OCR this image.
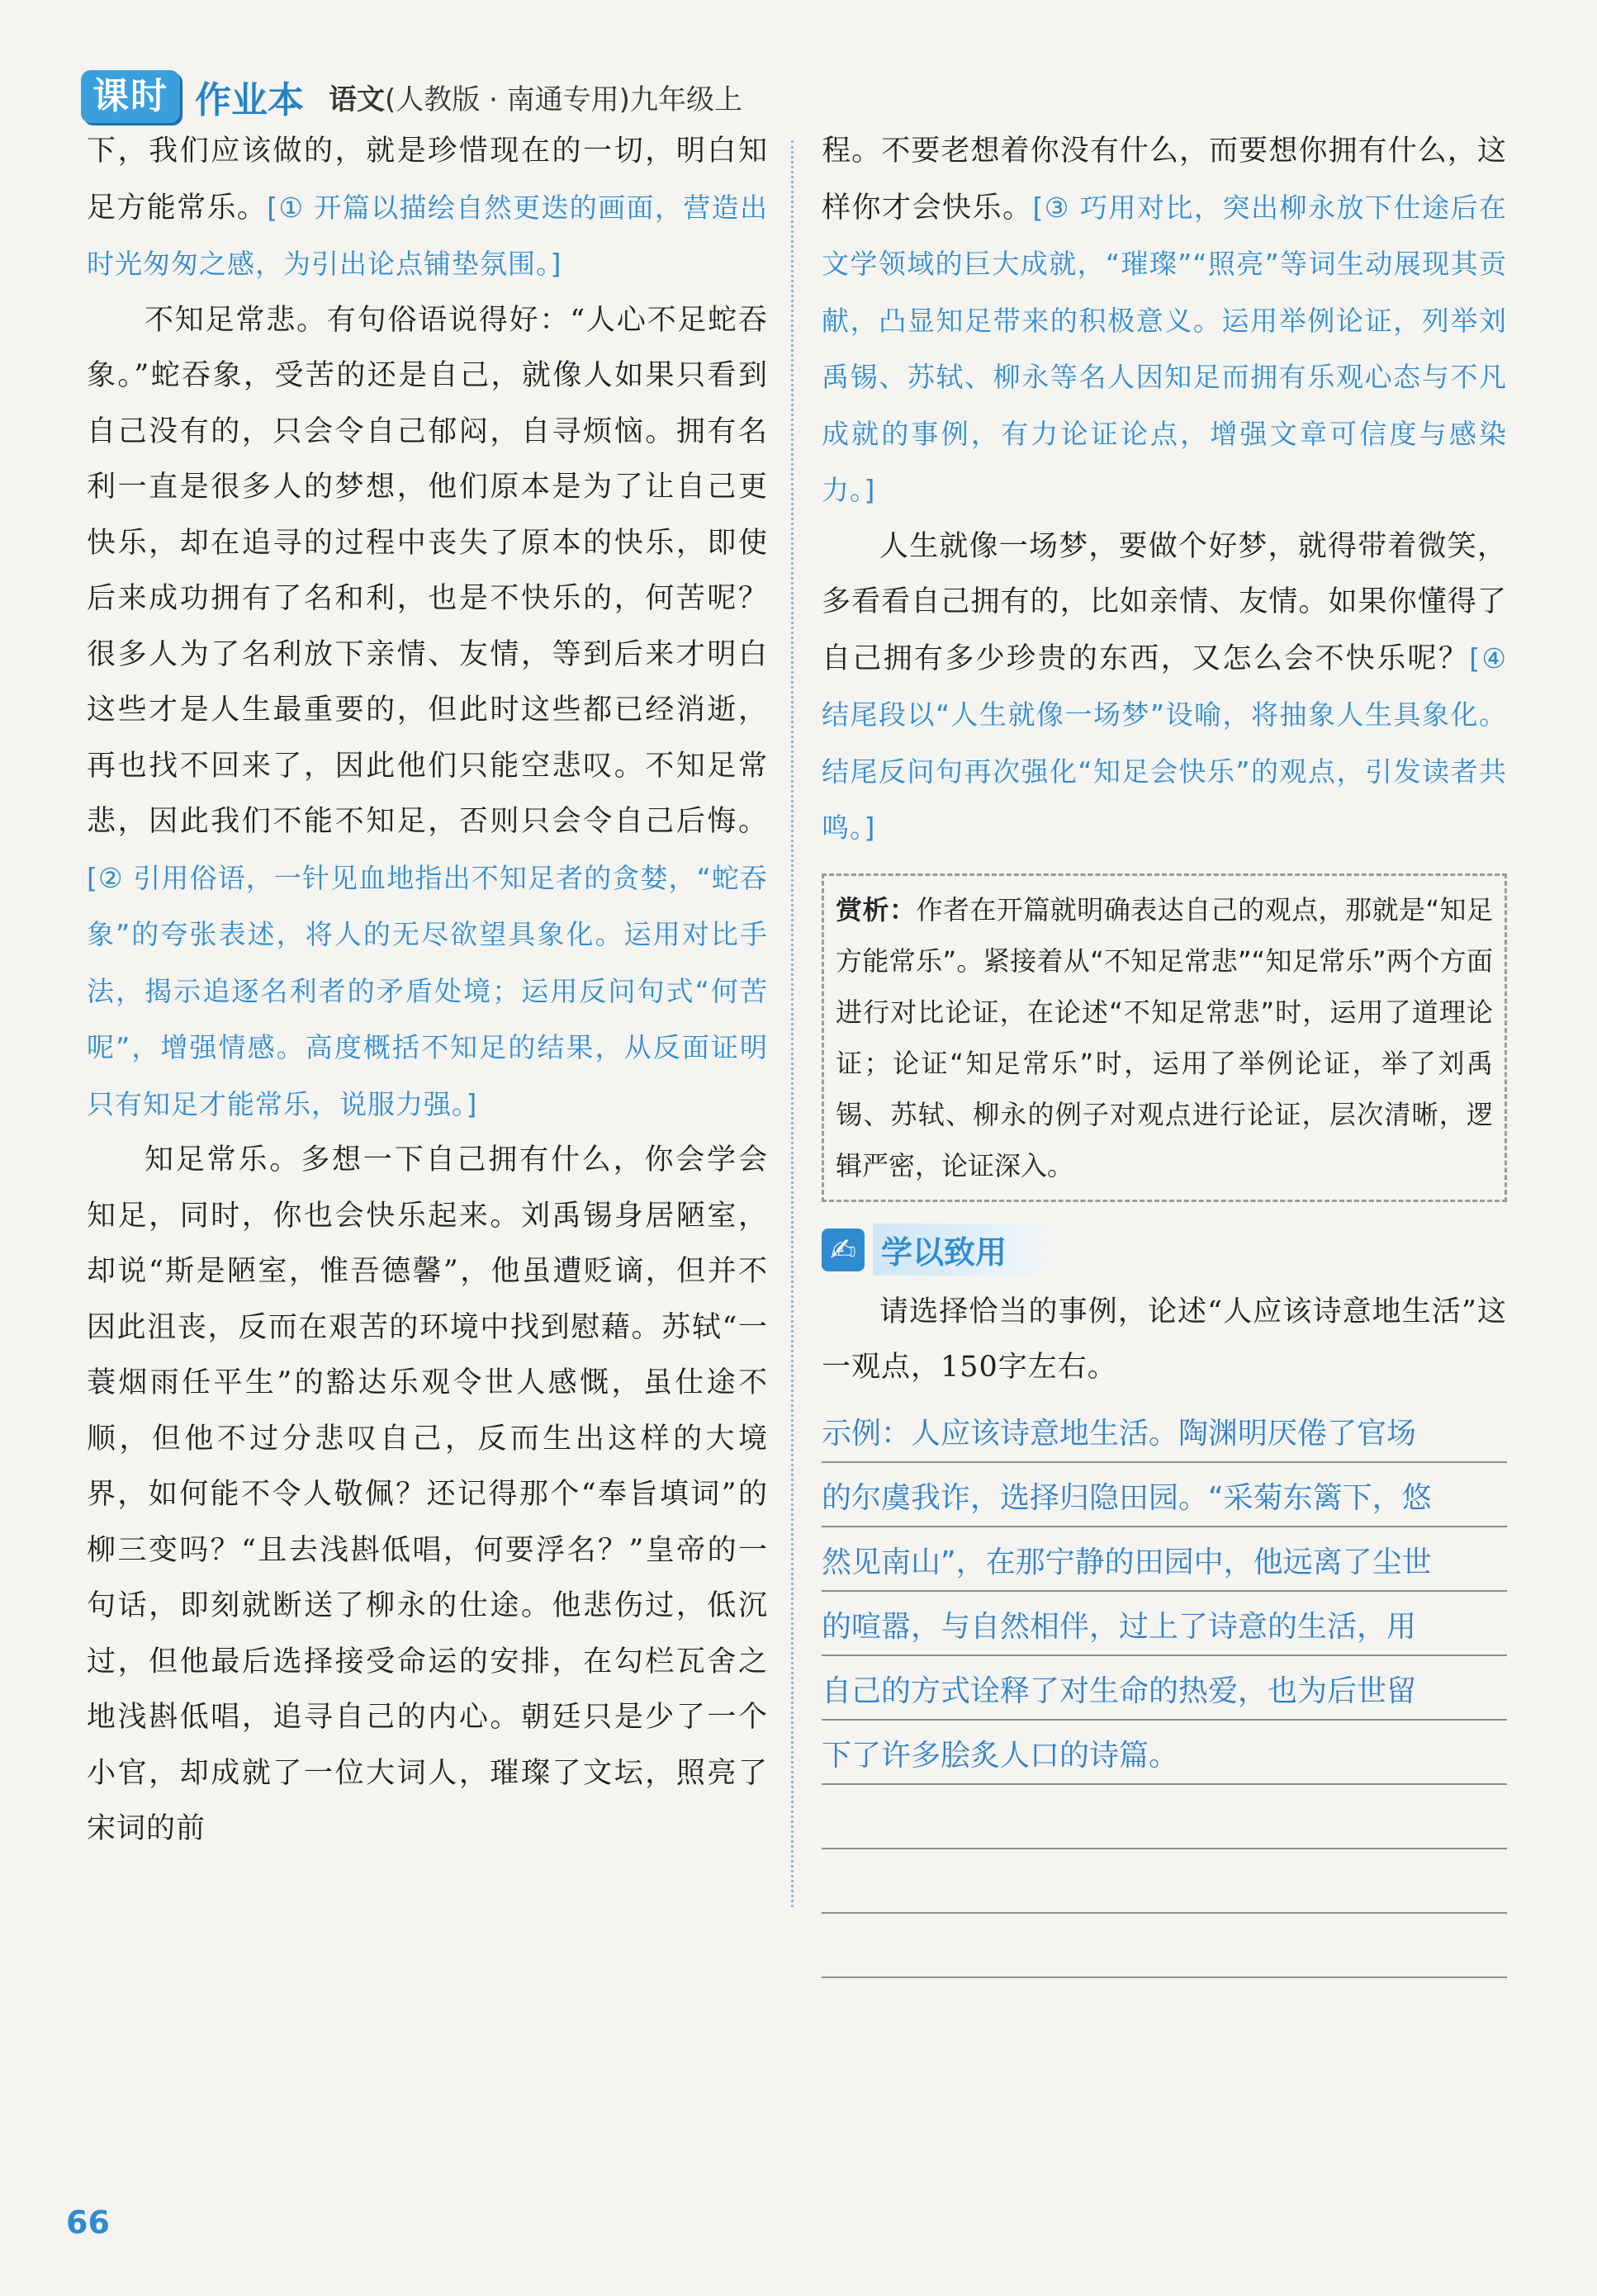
课时 作业本 语文(人教版 · 南通专用)九年级上

下，我们应该做的，就是珍惜现在的一切，明白知足方能常乐。[① 开篇以描绘自然更迭的画面，营造出时光匆匆之感，为引出论点铺垫氛围。]

不知足常悲。有句俗语说得好：“人心不足蛇吞象。”蛇吞象，受苦的还是自己，就像人如果只看到自己没有的，只会令自己郁闷，自寻烦恼。拥有名利一直是很多人的梦想，他们原本是为了让自己更快乐，却在追寻的过程中丧失了原本的快乐，即使后来成功拥有了名和利，也是不快乐的，何苦呢？很多人为了名利放下亲情、友情，等到后来才明白这些才是人生最重要的，但此时这些都已经消逝，再也找不回来了，因此他们只能空悲叹。不知足常悲，因此我们不能不知足，否则只会令自己后悔。[② 引用俗语，一针见血地指出不知足者的贪婪，“蛇吞象”的夸张表述，将人的无尽欲望具象化。运用对比手法，揭示追逐名利者的矛盾处境；运用反问句式“何苦呢”，增强情感。高度概括不知足的结果，从反面证明只有知足才能常乐，说服力强。]

知足常乐。多想一下自己拥有什么，你会学会知足，同时，你也会快乐起来。刘禹锡身居陋室，却说“斯是陋室，惟吾德馨”，他虽遭贬谪，但并不因此沮丧，反而在艰苦的环境中找到慰藉。苏轼“一蓑烟雨任平生”的豁达乐观令世人感慨，虽仕途不顺，但他不过分悲叹自己，反而生出这样的大境界，如何能不令人敬佩？还记得那个“奉旨填词”的柳三变吗？“且去浅斟低唱，何要浮名？”皇帝的一句话，即刻就断送了柳永的仕途。他悲伤过，低沉过，但他最后选择接受命运的安排，在勾栏瓦舍之地浅斟低唱，追寻自己的内心。朝廷只是少了一个小官，却成就了一位大词人，璀璨了文坛，照亮了宋词的前

程。不要老想着你没有什么，而要想你拥有什么，这样你才会快乐。[③ 巧用对比，突出柳永放下仕途后在文学领域的巨大成就，“璀璨”“照亮”等词生动展现其贡献，凸显知足带来的积极意义。运用举例论证，列举刘禹锡、苏轼、柳永等名人因知足而拥有乐观心态与不凡成就的事例，有力论证论点，增强文章可信度与感染力。]

人生就像一场梦，要做个好梦，就得带着微笑，多看看自己拥有的，比如亲情、友情。如果你懂得了自己拥有多少珍贵的东西，又怎么会不快乐呢？[④ 结尾段以“人生就像一场梦”设喻，将抽象人生具象化。结尾反问句再次强化“知足会快乐”的观点，引发读者共鸣。]

赏析：作者在开篇就明确表达自己的观点，那就是“知足方能常乐”。紧接着从“不知足常悲”“知足常乐”两个方面进行对比论证，在论述“不知足常悲”时，运用了道理论证；论证“知足常乐”时，运用了举例论证，举了刘禹锡、苏轼、柳永的例子对观点进行论证，层次清晰，逻辑严密，论证深入。
✍ 学以致用

请选择恰当的事例，论述“人应该诗意地生活”这一观点，150字左右。

示例：人应该诗意地生活。陶渊明厌倦了官场
的尔虞我诈，选择归隐田园。“采菊东篱下，悠
然见南山”，在那宁静的田园中，他远离了尘世
的喧嚣，与自然相伴，过上了诗意的生活，用
自己的方式诠释了对生命的热爱，也为后世留
下了许多脍炙人口的诗篇。
66
